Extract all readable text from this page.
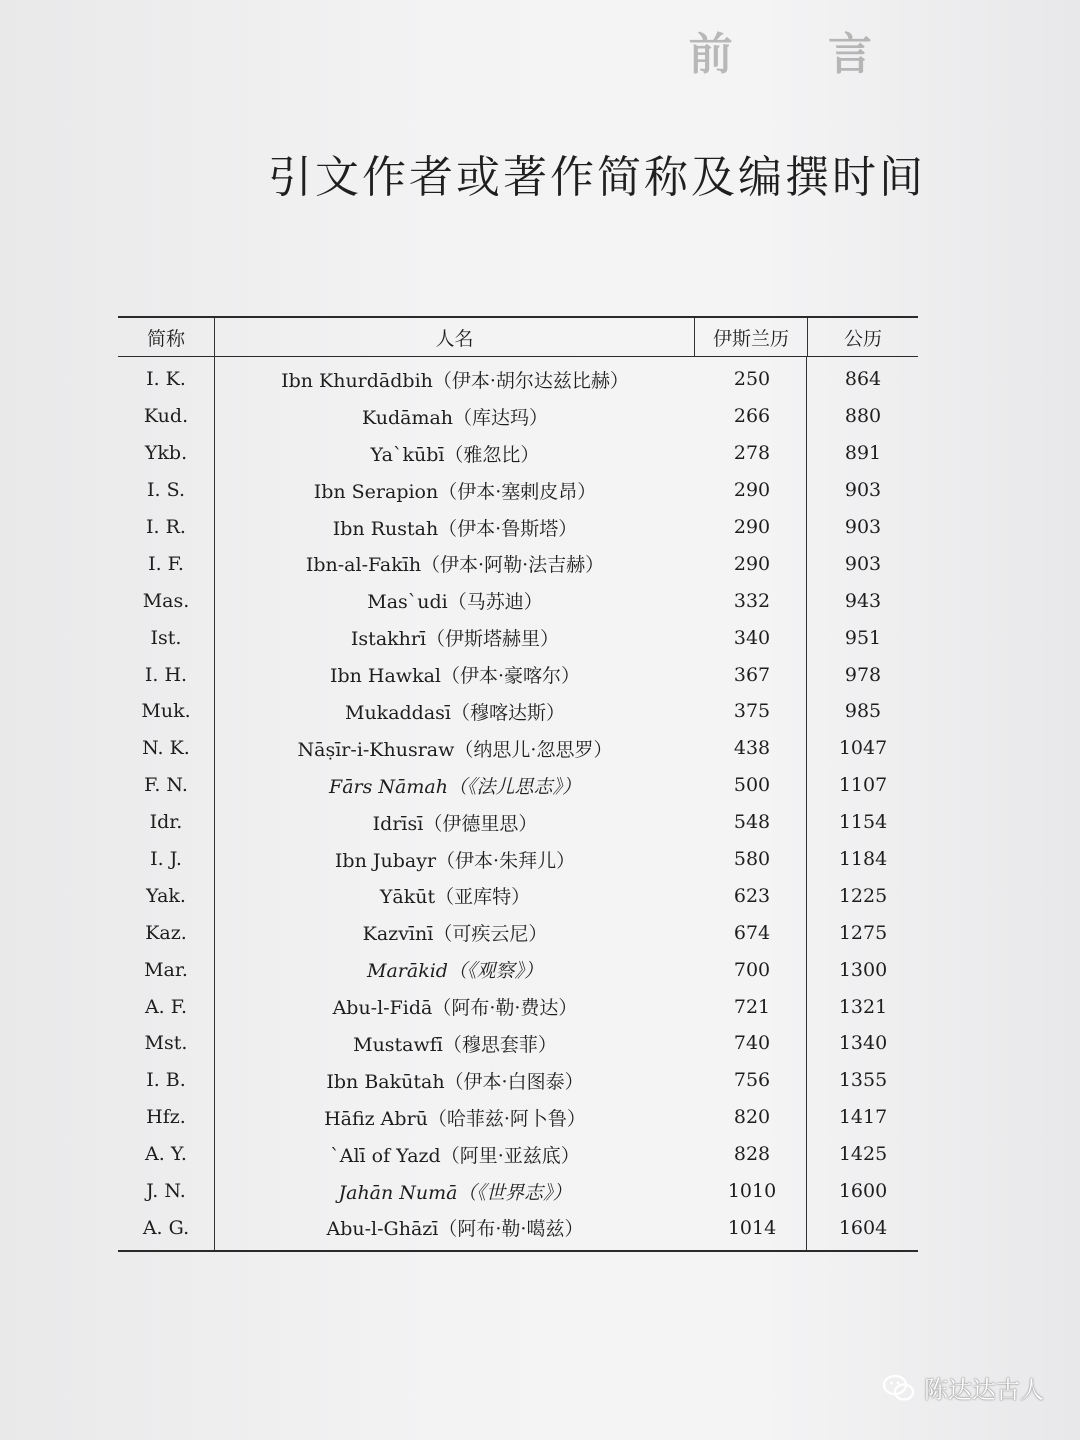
前 言
引文作者或著作简称及编撰时间
简称	人名	伊斯兰历	公历
I. K.	Ibn Khurdādbih（伊本·胡尔达兹比赫）	250	864
Kud.	Kudāmah（库达玛）	266	880
Ykb.	Ya`kūbī（雅忽比）	278	891
I. S.	Ibn Serapion（伊本·塞剌皮昂）	290	903
I. R.	Ibn Rustah（伊本·鲁斯塔）	290	903
I. F.	Ibn-al-Fakīh（伊本·阿勒·法吉赫）	290	903
Mas.	Mas`udi（马苏迪）	332	943
Ist.	Istakhrī（伊斯塔赫里）	340	951
I. H.	Ibn Hawkal（伊本·豪喀尔）	367	978
Muk.	Mukaddasī（穆喀达斯）	375	985
N. K.	Nāṣīr-i-Khusraw（纳思儿·忽思罗）	438	1047
F. N.	Fārs Nāmah（《法儿思志》）	500	1107
Idr.	Idrīsī（伊德里思）	548	1154
I. J.	Ibn Jubayr（伊本·朱拜儿）	580	1184
Yak.	Yākūt（亚库特）	623	1225
Kaz.	Kazvīnī（可疾云尼）	674	1275
Mar.	Marākid（《观察》）	700	1300
A. F.	Abu-l-Fidā（阿布·勒·费达）	721	1321
Mst.	Mustawfī（穆思套菲）	740	1340
I. B.	Ibn Bakūtah（伊本·白图泰）	756	1355
Hfz.	Hāfiz Abrū（哈菲兹·阿卜鲁）	820	1417
A. Y.	`Alī of Yazd（阿里·亚兹底）	828	1425
J. N.	Jahān Numā（《世界志》）	1010	1600
A. G.	Abu-l-Ghāzī（阿布·勒·噶兹）	1014	1604
陈达达古人
